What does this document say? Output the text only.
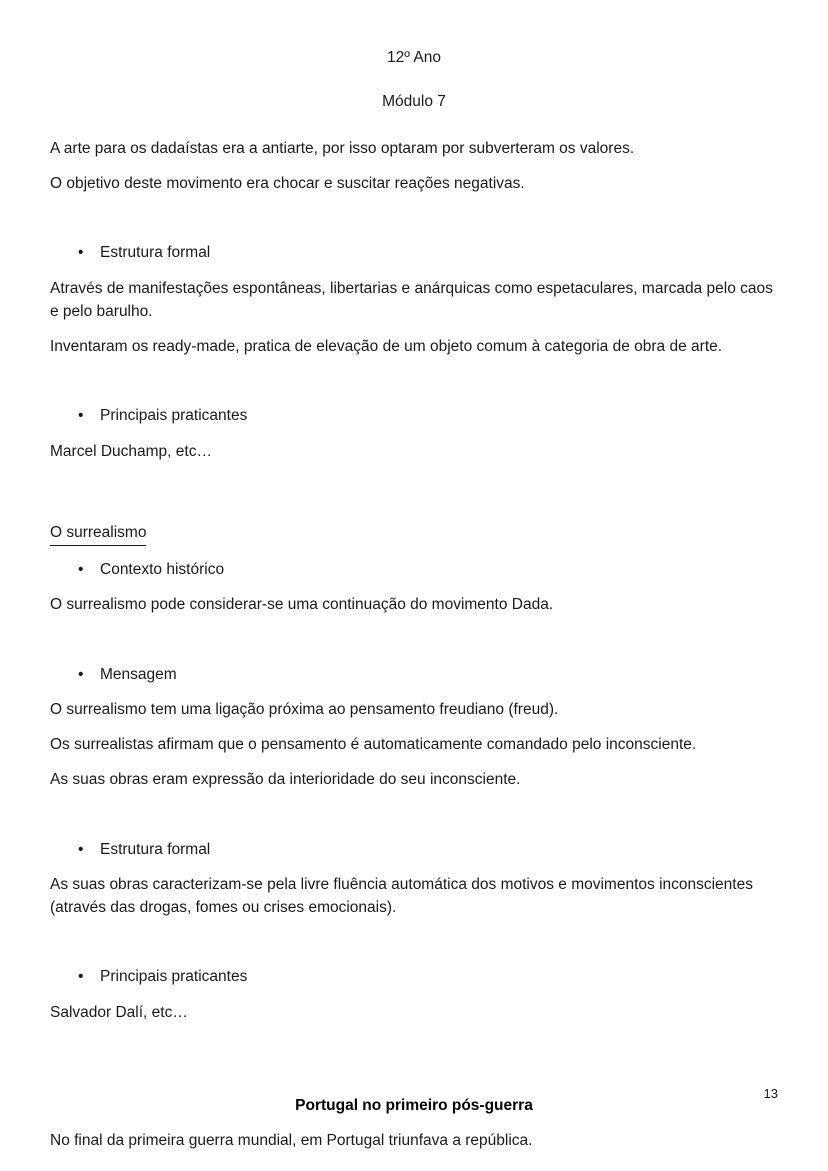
12º Ano
Módulo 7

A arte para os dadaístas era a antiarte, por isso optaram por subverteram os valores.

O objetivo deste movimento era chocar e suscitar reações negativas.

• Estrutura formal

Através de manifestações espontâneas, libertarias e anárquicas como espetaculares, marcada pelo caos e pelo barulho.

Inventaram os ready-made, pratica de elevação de um objeto comum à categoria de obra de arte.

• Principais praticantes

Marcel Duchamp, etc…

O surrealismo
• Contexto histórico

O surrealismo pode considerar-se uma continuação do movimento Dada.

• Mensagem

O surrealismo tem uma ligação próxima ao pensamento freudiano (freud).

Os surrealistas afirmam que o pensamento é automaticamente comandado pelo inconsciente.

As suas obras eram expressão da interioridade do seu inconsciente.

• Estrutura formal

As suas obras caracterizam-se pela livre fluência automática dos motivos e movimentos inconscientes (através das drogas, fomes ou crises emocionais).

• Principais praticantes

Salvador Dalí, etc…

Portugal no primeiro pós-guerra

No final da primeira guerra mundial, em Portugal triunfava a república.

13
